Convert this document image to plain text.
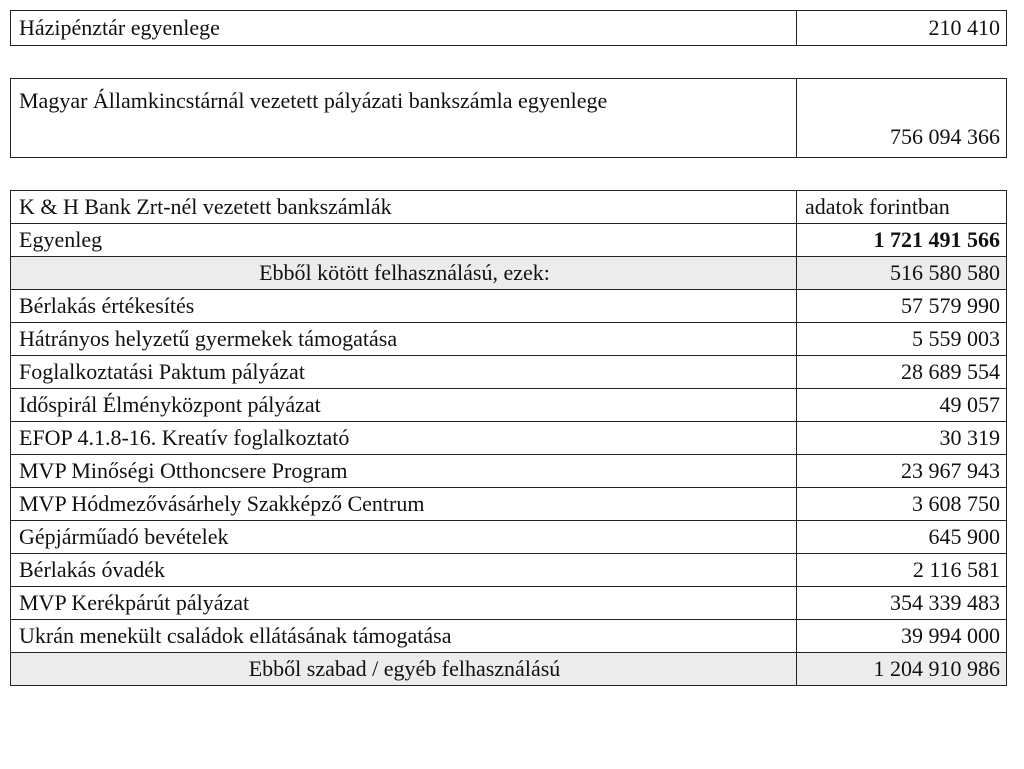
Házipénztár egyenlege	210 410
Magyar Államkincstárnál vezetett pályázati bankszámla egyenlege	756 094 366
K & H Bank Zrt-nél vezetett bankszámlák	adatok forintban
Egyenleg	1 721 491 566
Ebből kötött felhasználású, ezek:	516 580 580
Bérlakás értékesítés	57 579 990
Hátrányos helyzetű gyermekek támogatása	5 559 003
Foglalkoztatási Paktum pályázat	28 689 554
Időspirál Élményközpont pályázat	49 057
EFOP 4.1.8-16. Kreatív foglalkoztató	30 319
MVP Minőségi Otthoncsere Program	23 967 943
MVP Hódmezővásárhely Szakképző Centrum	3 608 750
Gépjárműadó bevételek	645 900
Bérlakás óvadék	2 116 581
MVP Kerékpárút pályázat	354 339 483
Ukrán menekült családok ellátásának támogatása	39 994 000
Ebből szabad / egyéb felhasználású	1 204 910 986
